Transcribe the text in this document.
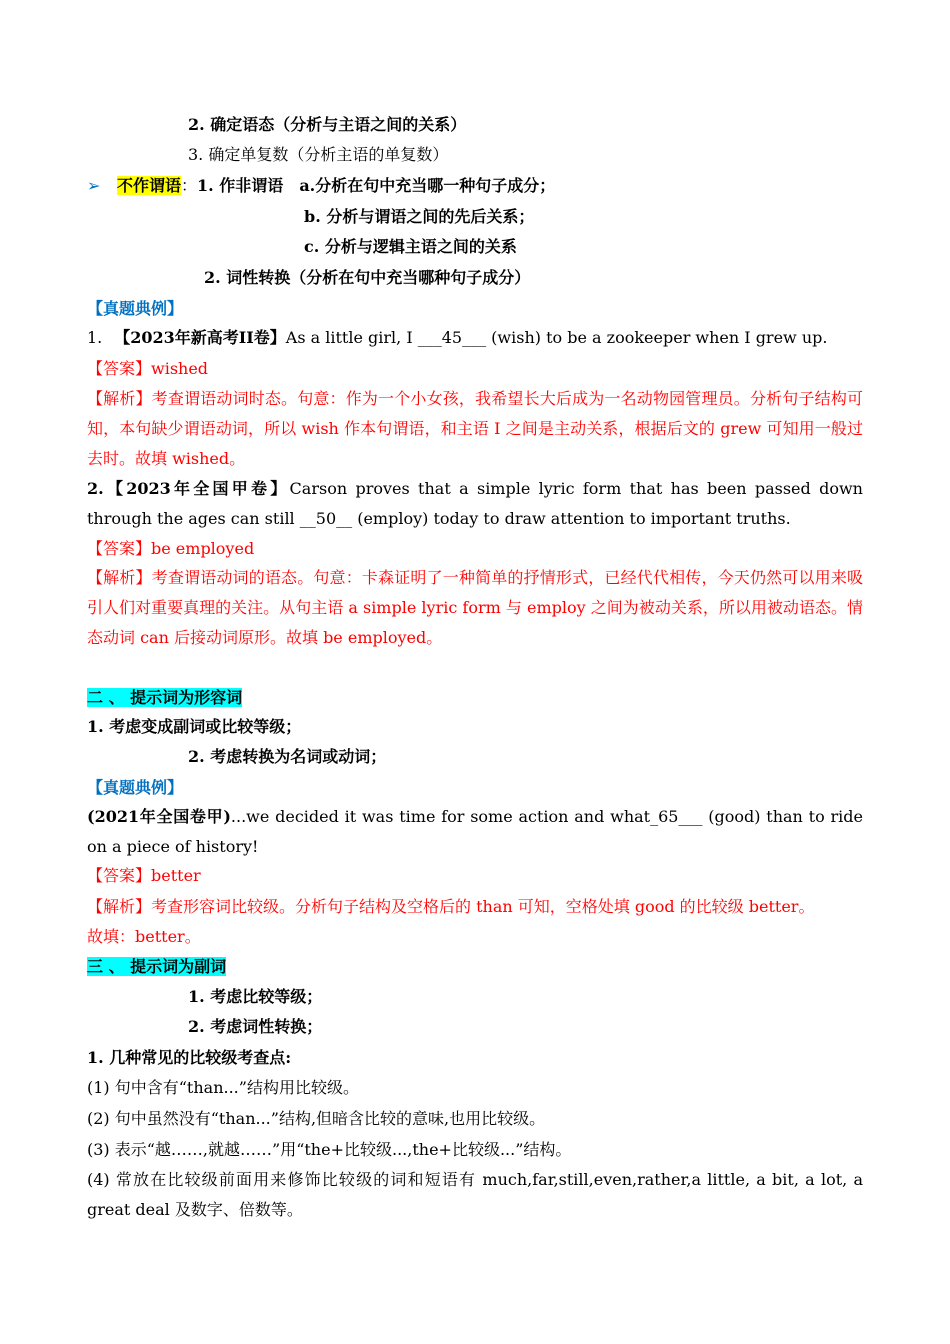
2. 确定语态（分析与主语之间的关系）
3. 确定单复数（分析主语的单复数）
➢ 不作谓语：1. 作非谓语 a.分析在句中充当哪一种句子成分；
b. 分析与谓语之间的先后关系；
c. 分析与逻辑主语之间的关系
2. 词性转换（分析在句中充当哪种句子成分）
【真题典例】
1. 【2023年新高考II卷】As a little girl, I ___45___ (wish) to be a zookeeper when I grew up.
【答案】wished
【解析】考查谓语动词时态。句意：作为一个小女孩，我希望长大后成为一名动物园管理员。分析句子结构可知，本句缺少谓语动词，所以 wish 作本句谓语，和主语 I 之间是主动关系，根据后文的 grew 可知用一般过去时。故填 wished。
2.【2023年全国甲卷】Carson proves that a simple lyric form that has been passed down through the ages can still __50__ (employ) today to draw attention to important truths.
【答案】be employed
【解析】考查谓语动词的语态。句意：卡森证明了一种简单的抒情形式，已经代代相传，今天仍然可以用来吸引人们对重要真理的关注。从句主语 a simple lyric form 与 employ 之间为被动关系，所以用被动语态。情态动词 can 后接动词原形。故填 be employed。
二 、 提示词为形容词
1. 考虑变成副词或比较等级；
2. 考虑转换为名词或动词；
【真题典例】
(2021年全国卷甲)...we decided it was time for some action and what_65___ (good) than to ride on a piece of history!
【答案】better
【解析】考查形容词比较级。分析句子结构及空格后的 than 可知，空格处填 good 的比较级 better。
故填：better。
三 、 提示词为副词
1. 考虑比较等级；
2. 考虑词性转换；
1. 几种常见的比较级考查点:
(1) 句中含有“than...”结构用比较级。
(2) 句中虽然没有“than...”结构,但暗含比较的意味,也用比较级。
(3) 表示“越……,就越……”用“the+比较级...,the+比较级...”结构。
(4) 常放在比较级前面用来修饰比较级的词和短语有 much,far,still,even,rather,a little, a bit, a lot, a great deal 及数字、倍数等。
